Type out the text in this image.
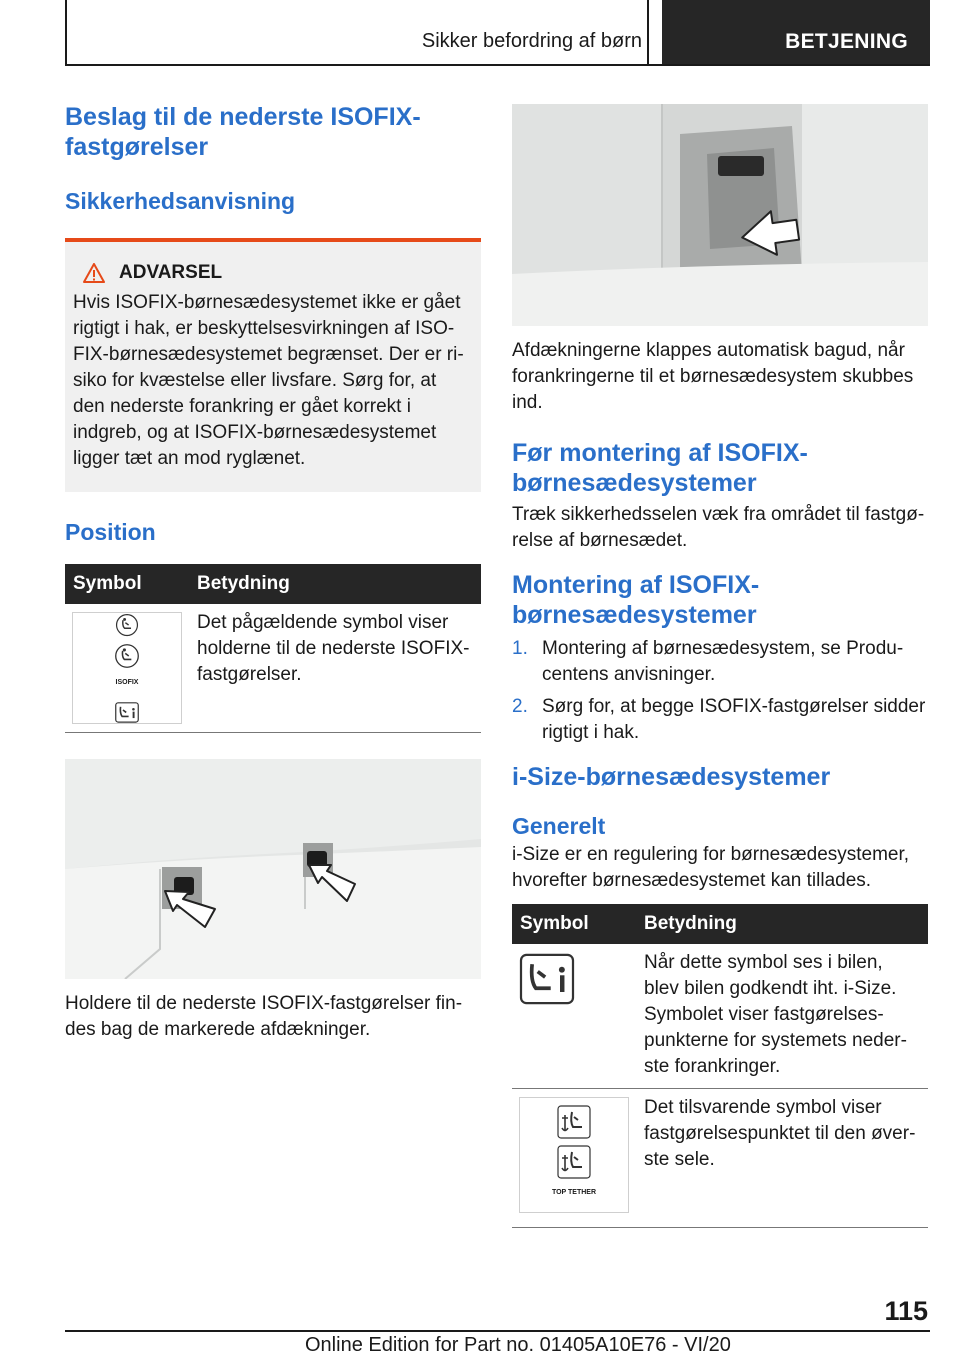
Sikker befordring af børn	BETJENING
Beslag til de nederste ISOFIX-fastgørelser
Sikkerhedsanvisning
ADVARSEL

Hvis ISOFIX-børnesædesystemet ikke er gået rigtigt i hak, er beskyttelsesvirkningen af ISO-FIX-børnesædesystemet begrænset. Der er ri-siko for kvæstelse eller livsfare. Sørg for, at den nederste forankring er gået korrekt i indgreb, og at ISOFIX-børnesædesystemet ligger tæt an mod ryglænet.

Position
Symbol	Betydning

ISOFIX	Det pågældende symbol viser holderne til de nederste ISOFIX-fastgørelser.

Holdere til de nederste ISOFIX-fastgørelser fin-des bag de markerede afdækninger.

Afdækningerne klappes automatisk bagud, når forankringerne til et børnesædesystem skubbes ind.

Før montering af ISOFIX-børnesædesystemer

Træk sikkerhedsselen væk fra området til fastgø-relse af børnesædet.

Montering af ISOFIX-børnesædesystemer
1. Montering af børnesædesystem, se Produ-centens anvisninger.
2. Sørg for, at begge ISOFIX-fastgørelser sidder rigtigt i hak.
i-Size-børnesædesystemer
Generelt

i-Size er en regulering for børnesædesystemer, hvorefter børnesædesystemet kan tillades.

Symbol	Betydning

	Når dette symbol ses i bilen, blev bilen godkendt iht. i-Size. Symbolet viser fastgørelses-punkterne for systemets neder-ste forankringer.

TOP TETHER	Det tilsvarende symbol viser fastgørelsespunktet til den øver-ste sele.
115
Online Edition for Part no. 01405A10E76 - VI/20
